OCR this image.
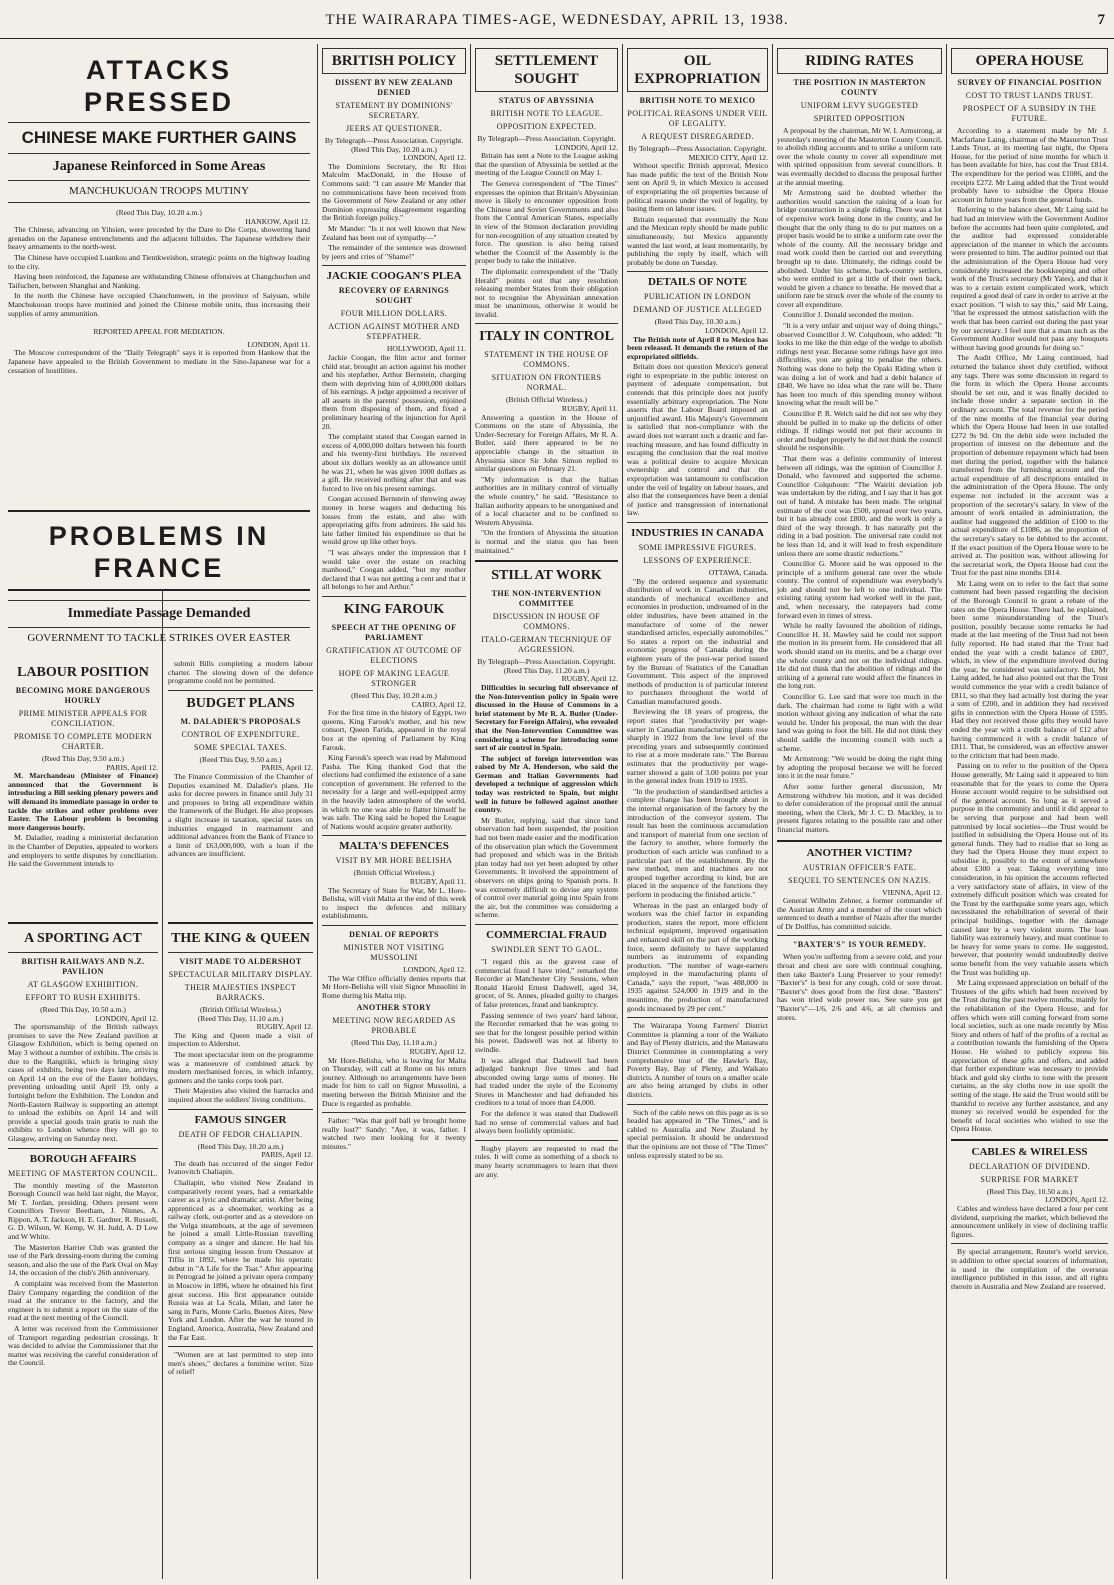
THE WAIRARAPA TIMES-AGE, WEDNESDAY, APRIL 13, 1938.	7
ATTACKS PRESSED
CHINESE MAKE FURTHER GAINS
Japanese Reinforced in Some Areas
MANCHUKUOAN TROOPS MUTINY
(Reed This Day, 10.20 a.m.)
HANKOW, April 12.

The Chinese, advancing on Yihsien, were preceded by the Dare to Die Corps, showering hand grenades on the Japanese entrenchments and the adjacent hillsides. The Japanese withdrew their heavy armaments to the north-west.

The Chinese have occupied Luankou and Tientkweishon, strategic points on the highway leading to the city.

Having been reinforced, the Japanese are withstanding Chinese offensives at Changchuchen and Taifuchen, between Shanghai and Nanking.

In the north the Chinese have occupied Chaochunwen, in the province of Saiyuan, while Manchukuoan troops have mutinied and joined the Chinese mobile units, thus increasing their supplies of army ammunition.

REPORTED APPEAL FOR MEDIATION.
LONDON, April 11.

The Moscow correspondent of the "Daily Telegraph" says it is reported from Hankow that the Japanese have appealed to the British Government to mediate in the Sino-Japanese war for a cessation of hostilities.

PROBLEMS IN FRANCE
Immediate Passage Demanded
GOVERNMENT TO TACKLE STRIKES OVER EASTER
LABOUR POSITION
BECOMING MORE DANGEROUS HOURLY
PRIME MINISTER APPEALS FOR CONCILIATION.
PROMISE TO COMPLETE MODERN CHARTER.
(Reed This Day, 9.50 a.m.)
PARIS, April 12.

M. Marchandeau (Minister of Finance) announced that the Government is introducing a Bill seeking plenary powers and will demand its immediate passage in order to tackle the strikes and other problems over Easter. The Labour problem is becoming more dangerous hourly.

M. Daladier, reading a ministerial declaration in the Chamber of Deputies, appealed to workers and employers to settle disputes by conciliation. He said the Government intends to

submit Bills completing a modern labour charter. The slowing down of the defence programme could not be permitted.

BUDGET PLANS
M. DALADIER'S PROPOSALS
CONTROL OF EXPENDITURE.
SOME SPECIAL TAXES.
(Reed This Day, 9.50 a.m.)
PARIS, April 12.

The Finance Commission of the Chamber of Deputies examined M. Daladier's plans. He asks for decree powers in finance until July 31 and proposes to bring all expenditure within the framework of the Budget. He also proposes a slight increase in taxation, special taxes on industries engaged in rearmament and additional advances from the Bank of France to a limit of £63,000,000, with a loan if the advances are insufficient.

A SPORTING ACT
BRITISH RAILWAYS AND N.Z. PAVILION
AT GLASGOW EXHIBITION.
EFFORT TO RUSH EXHIBITS.
(Reed This Day, 10.50 a.m.)
LONDON, April 12.

The sportsmanship of the British railways promises to save the New Zealand pavilion at Glasgow Exhibition, which is being opened on May 3 without a number of exhibits. The crisis is due to the Rangitiki, which is bringing sixty cases of exhibits, being two days late, arriving on April 14 on the eve of the Easter holidays, preventing unloading until April 19, only a fortnight before the Exhibition. The London and North-Eastern Railway is supporting an attempt to unload the exhibits on April 14 and will provide a special goods train gratis to rush the exhibits to London whence they will go to Glasgow, arriving on Saturday next.

BOROUGH AFFAIRS
MEETING OF MASTERTON COUNCIL.

The monthly meeting of the Masterton Borough Council was held last night, the Mayor, Mr T. Jordan, presiding. Others present were Councillors Trevor Beetham, J. Ninnes, A. Rippon, A. T. Jackson, H. E. Gardner, R. Russell, G. D. Wilson, W. Kemp, W. H. Judd, A. D Low and W White.

The Masterton Harrier Club was granted the use of the Park dressing-room during the coming season, and also the use of the Park Oval on May 14, the occasion of the club's 26th anniversary.

A complaint was received from the Masterton Dairy Company regarding the condition of the road at the entrance to the factory, and the engineer is to submit a report on the state of the road at the next meeting of the Council.

A letter was received from the Commissioner of Transport regarding pedestrian crossings. It was decided to advise the Commissioner that the matter was receiving the careful consideration of the Council.

THE KING & QUEEN
VISIT MADE TO ALDERSHOT
SPECTACULAR MILITARY DISPLAY.
THEIR MAJESTIES INSPECT BARRACKS.
(British Official Wireless.)
(Reed This Day, 11.10 a.m.)
RUGBY, April 12.

The King and Queen made a visit of inspection to Aldershot.

The most spectacular item on the programme was a manoeuvre of combined attack by modern mechanised forces, in which infantry, gunners and the tanks corps took part.

Their Majesties also visited the barracks and inquired about the soldiers' living conditions.

FAMOUS SINGER
DEATH OF FEDOR CHALIAPIN.
(Reed This Day, 10.20 a.m.)
PARIS, April 12.

The death has occurred of the singer Fedor Ivanovitch Chaliapin.

Chaliapin, who visited New Zealand in comparatively recent years, had a remarkable career as a lyric and dramatic artist. After being apprenticed as a shoemaker, working as a railway clerk, out-porter and as a stevedore on the Volga steamboats, at the age of seventeen he joined a small Little-Russian travelling company as a singer and dancer. He had his first serious singing lesson from Oussatov at Tiflis in 1892, where he made his operatic debut in "A Life for the Tsar." After appearing in Petrograd he joined a private opera company in Moscow in 1896, where he obtained his first great success. His first appearance outside Russia was at La Scala, Milan, and later he sang in Paris, Monte Carlo, Buenos Aires, New York and London. After the war he toured in England, America, Australia, New Zealand and the Far East.

"Women are at last permitted to step into men's shoes," declares a feminine writer. Size of relief!

BRITISH POLICY
DISSENT BY NEW ZEALAND DENIED
STATEMENT BY DOMINIONS' SECRETARY.
JEERS AT QUESTIONER.
By Telegraph—Press Association. Copyright.
(Reed This Day, 10.20 a.m.)
LONDON, April 12.

The Dominions Secretary, the Rt Hon Malcolm MacDonald, in the House of Commons said: "I can assure Mr Mander that no communications have been received from the Government of New Zealand or any other Dominion expressing disagreement regarding the British foreign policy."

Mr Mander: "Is it not well known that New Zealand has been out of sympathy—"

The remainder of the sentence was drowned by jeers and cries of "Shame!"

JACKIE COOGAN'S PLEA
RECOVERY OF EARNINGS SOUGHT
FOUR MILLION DOLLARS.
ACTION AGAINST MOTHER AND STEPFATHER.
HOLLYWOOD, April 11.

Jackie Coogan, the film actor and former child star, brought an action against his mother and his stepfather, Arthur Bernstein, charging them with depriving him of 4,000,000 dollars of his earnings. A judge appointed a receiver of all assets in the parents' possession, enjoined them from disposing of them, and fixed a preliminary hearing of the injunction for April 20.

The complaint stated that Coogan earned in excess of 4,000,000 dollars between his fourth and his twenty-first birthdays. He received about six dollars weekly as an allowance until he was 21, when he was given 1000 dollars as a gift. He received nothing after that and was forced to live on his present earnings.

Coogan accused Bernstein of throwing away money in horse wagers and deducting his losses from the estate, and also with appropriating gifts from admirers. He said his late father limited his expenditure so that he would grow up like other boys.

"I was always under the impression that I would take over the estate on reaching manhood," Coogan added, "but my mother declared that I was not getting a cent and that it all belongs to her and Arthur."

KING FAROUK
SPEECH AT THE OPENING OF PARLIAMENT
GRATIFICATION AT OUTCOME OF ELECTIONS
HOPE OF MAKING LEAGUE STRONGER
(Reed This Day, 10.20 a.m.)
CAIRO, April 12.

For the first time in the history of Egypt, two queens, King Farouk's mother, and his new consort, Queen Farida, appeared in the royal box at the opening of Parliament by King Farouk.

King Farouk's speech was read by Mahmoud Pasha. The King thanked God that the elections had confirmed the existence of a sane conception of government. He referred to the necessity for a large and well-equipped army in the heavily laden atmosphere of the world, in which no one was able to flatter himself he was safe. The King said he hoped the League of Nations would acquire greater authority.

MALTA'S DEFENCES
VISIT BY MR HORE BELISHA
(British Official Wireless.)
RUGBY, April 11.

The Secretary of State for War, Mr L. Hore-Belisha, will visit Malta at the end of this week to inspect the defences and military establishments.

DENIAL OF REPORTS
MINISTER NOT VISITING MUSSOLINI
LONDON, April 12.

The War Office officially denies reports that Mr Hore-Belisha will visit Signor Mussolini in Rome during his Malta trip.

ANOTHER STORY
MEETING NOW REGARDED AS PROBABLE
(Reed This Day, 11.10 a.m.)
RUGBY, April 12.

Mr Hore-Belisha, who is leaving for Malta on Thursday, will call at Rome on his return journey. Although no arrangements have been made for him to call on Signor Mussolini, a meeting between the British Minister and the Duce is regarded as probable.

Father: "Was that golf ball ye brought home really lost?" Sandy: "Aye, it was, father. I watched two men looking for it twenty minutes."

SETTLEMENT SOUGHT
STATUS OF ABYSSINIA
BRITISH NOTE TO LEAGUE.
OPPOSITION EXPECTED.
By Telegraph—Press Association. Copyright.
LONDON, April 12.

Britain has sent a Note to the League asking that the question of Abyssinia be settled at the meeting of the League Council on May 1.

The Geneva correspondent of "The Times" expresses the opinion that Britain's Abyssinian move is likely to encounter opposition from the Chinese and Soviet Governments and also from the Central American States, especially in view of the Stimson declaration providing for non-recognition of any situation created by force. The question is also being raised whether the Council of the Assembly is the proper body to take the initiative.

The diplomatic correspondent of the "Daily Herald" points out that any resolution releasing member States from their obligation not to recognise the Abyssinian annexation must be unanimous, otherwise it would be invalid.

ITALY IN CONTROL
STATEMENT IN THE HOUSE OF COMMONS.
SITUATION ON FRONTIERS NORMAL.
(British Official Wireless.)
RUGBY, April 11.

Answering a question in the House of Commons on the state of Abyssinia, the Under-Secretary for Foreign Affairs, Mr R. A. Butler, said there appeared to be no appreciable change in the situation in Abyssinia since Sir John Simon replied to similar questions on February 21.

"My information is that the Italian authorities are in military control of virtually the whole country," he said. "Resistance to Italian authority appears to be unorganised and of a local character and to be confined to Western Abyssinia.

"On the frontiers of Abyssinia the situation is normal and the status quo has been maintained."

STILL AT WORK
THE NON-INTERVENTION COMMITTEE
DISCUSSION IN HOUSE OF COMMONS.
ITALO-GERMAN TECHNIQUE OF AGGRESSION.
By Telegraph—Press Association. Copyright.
(Reed This Day, 11.20 a.m.)
RUGBY, April 12.

Difficulties in securing full observance of the Non-Intervention policy in Spain were discussed in the House of Commons in a brief statement by Mr R. A. Butler (Under-Secretary for Foreign Affairs), who revealed that the Non-Intervention Committee was considering a scheme for introducing some sort of air control in Spain.

The subject of foreign intervention was raised by Mr A. Henderson, who said the German and Italian Governments had developed a technique of aggression which today was restricted to Spain, but might well in future be followed against another country.

Mr Butler, replying, said that since land observation had been suspended, the position had not been made easier and the modification of the observation plan which the Government had proposed and which was in the British plan today had not yet been adopted by other Governments. It involved the appointment of observers on ships going to Spanish ports. It was extremely difficult to devise any system of control over material going into Spain from the air, but the committee was considering a scheme.

COMMERCIAL FRAUD
SWINDLER SENT TO GAOL.

"I regard this as the gravest case of commercial fraud I have tried," remarked the Recorder at Manchester City Sessions, when Ronald Harold Ernest Dadswell, aged 34, grocer, of St. Annes, pleaded guilty to charges of false pretences, fraud and bankruptcy.

Passing sentence of two years' hard labour, the Recorder remarked that he was going to see that for the longest possible period within his power, Dadswell was not at liberty to swindle.

It was alleged that Dadswell had been adjudged bankrupt five times and had absconded owing large sums of money. He had traded under the style of the Economy Stores in Manchester and had defrauded his creditors to a total of more than £4,000.

For the defence it was stated that Dadswell had no sense of commercial values and had always been foolishly optimistic.

Rugby players are requested to read the rules. It will come as something of a shock to many hearty scrummagers to learn that there are any.

OIL EXPROPRIATION
BRITISH NOTE TO MEXICO
POLITICAL REASONS UNDER VEIL OF LEGALITY.
A REQUEST DISREGARDED.
By Telegraph—Press Association. Copyright.
MEXICO CITY, April 12.

Without specific British approval, Mexico has made public the text of the British Note sent on April 9, in which Mexico is accused of expropriating the oil properties because of political reasons under the veil of legality, by basing them on labour issues.

Britain requested that eventually the Note and the Mexican reply should be made public simultaneously, but Mexico apparently wanted the last word, at least momentarily, by publishing the reply by itself, which will probably be done on Tuesday.

DETAILS OF NOTE
PUBLICATION IN LONDON
DEMAND OF JUSTICE ALLEGED
(Reed This Day, 10.30 a.m.)
LONDON, April 12.

The British note of April 8 to Mexico has been released. It demands the return of the expropriated oilfields.

Britain does not question Mexico's general right to expropriate in the public interest on payment of adequate compensation, but contends that this principle does not justify essentially arbitrary expropriation. The Note asserts that the Labour Board imposed an unjustified award. His Majesty's Government is satisfied that non-compliance with the award does not warrant such a drastic and far-reaching measure, and has found difficulty in escaping the conclusion that the real motive was a political desire to acquire Mexican ownership and control and that the expropriation was tantamount to confiscation under the veil of legality on labour issues, and also that the consequences have been a denial of justice and transgression of international law.

INDUSTRIES IN CANADA
SOME IMPRESSIVE FIGURES.
LESSONS OF EXPERIENCE.
OTTAWA, Canada.

"By the ordered sequence and systematic distribution of work in Canadian industries, standards of mechanical excellence and economies in production, undreamed of in the older industries, have been attained in the manufacture of some of the newer standardised articles, especially automobiles." So states a report on the industrial and economic progress of Canada during the eighteen years of the post-war period issued by the Bureau of Statistics of the Canadian Government. This aspect of the improved methods of production is of particular interest to purchasers throughout the world of Canadian manufactured goods.

Reviewing the 18 years of progress, the report states that "productivity per wage-earner in Canadian manufacturing plants rose sharply in 1922 from the low level of the preceding years and subsequently continued to rise at a more moderate rate." The Bureau estimates that the productivity per wage-earner showed a gain of 3.00 points per year in the general index from 1919 to 1935.

"In the production of standardised articles a complete change has been brought about in the internal organisation of the factory by the introduction of the conveyor system. The result has been the continuous accumulation and transport of material from one section of the factory to another, where formerly the production of each article was confined to a particular part of the establishment. By the new method, men and machines are not grouped together according to kind, but are placed in the sequence of the functions they perform in producing the finished article."

Whereas in the past an enlarged body of workers was the chief factor in expanding production, states the report, more efficient technical equipment, improved organisation and enhanced skill on the part of the working force, seem definitely to have supplanted numbers as instruments of expanding production. "The number of wage-earners employed in the manufacturing plants of Canada," says the report, "was 488,000 in 1935 against 524,000 in 1919 and in the meantime, the production of manufactured goods increased by 29 per cent."

The Wairarapa Young Farmers' District Committee is planning a tour of the Waikato and Bay of Plenty districts, and the Manawatu District Committee in contemplating a very comprehensive tour of the Hawke's Bay, Poverty Bay, Bay of Plenty, and Waikato districts. A number of tours on a smaller scale are also being arranged by clubs in other districts.

Such of the cable news on this page as is so headed has appeared in "The Times," and is cabled to Australia and New Zealand by special permission. It should be understood that the opinions are not those of "The Times" unless expressly stated to be so.

RIDING RATES
THE POSITION IN MASTERTON COUNTY
UNIFORM LEVY SUGGESTED
SPIRITED OPPOSITION

A proposal by the chairman, Mr W. I. Armstrong, at yesterday's meeting of the Masterton County Council, to abolish riding accounts and to strike a uniform rate over the whole county to cover all expenditure met with spirited opposition from several councillors. It was eventually decided to discuss the proposal further at the annual meeting.

Mr Armstrong said he doubted whether the authorities would sanction the raising of a loan for bridge construction in a single riding. There was a lot of expensive work being done in the county, and he thought that the only thing to do to put matters on a proper basis would be to strike a uniform rate over the whole of the county. All the necessary bridge and road work could then be carried out and everything brought up to date. Ultimately, the ridings could be abolished. Under his scheme, back-country settlers, who were entitled to get a little of their own back, would be given a chance to breathe. He moved that a uniform rate be struck over the whole of the county to cover all expenditure.

Councillor J. Donald seconded the motion.

"It is a very unfair and unjust way of doing things," observed Councillor J. W. Colquhoun, who added: "It looks to me like the thin edge of the wedge to abolish ridings next year. Because some ridings have got into difficulties, you are going to penalise the others. Nothing was done to help the Opaki Riding when it was doing a lot of work and had a debit balance of £840. We have no idea what the rate will be. There has been too much of this spending money without knowing what the result will be."

Councillor P. R. Welch said he did not see why they should be pulled in to make up the deficits of other ridings. If ridings would not put their accounts in order and budget properly he did not think the council should be responsible.

That there was a definite community of interest between all ridings, was the opinion of Councillor J. Donald, who favoured and supported the scheme. Councillor Colquhoun: "The Wairiti deviation job was undertaken by the riding, and I say that it has got out of hand. A mistake has been made. The original estimate of the cost was £500, spread over two years, but it has already cost £800, and the work is only a third of the way through. It has naturally put the riding in a bad position. The universal rate could not be less than 1d, and it will lead to fresh expenditure unless there are some drastic reductions."

Councillor G. Moore said he was opposed to the principle of a uniform general rate over the whole county. The control of expenditure was everybody's job and should not be left to one individual. The existing rating system had worked well in the past, and, when necessary, the ratepayers had come forward even in times of stress.

While he really favoured the abolition of ridings, Councillor H. H. Mawley said he could not support the motion in its present form. He considered that all work should stand on its merits, and be a charge over the whole county and not on the individual ridings. He did not think that the abolition of ridings and the striking of a general rate would affect the finances in the long run.

Councillor G. Lee said that were too much in the dark. The chairman had come to light with a wild motion without giving any indication of what the rate would be. Under his proposal, the man with the dear land was going to foot the bill. He did not think they should saddle the incoming council with such a scheme.

Mr Armstrong: "We would be doing the right thing by adopting the proposal because we will be forced into it in the near future."

After some further general discussion, Mr Armstrong withdrew his motion, and it was decided to defer consideration of the proposal until the annual meeting, when the Clerk, Mr J. C. D. Mackley, is to present figures relating to the possible rate and other financial matters.

ANOTHER VICTIM?
AUSTRIAN OFFICER'S FATE.
SEQUEL TO SENTENCES ON NAZIS.
VIENNA, April 12.

General Wilhelm Zehner, a former commander of the Austrian Army and a member of the court which sentenced to death a number of Nazis after the murder of Dr Dollfus, has committed suicide.

"BAXTER'S" IS YOUR REMEDY.

When you're suffering from a severe cold, and your throat and chest are sore with continual coughing, then take Baxter's Lung Preserver to your remedy! "Baxter's" is best for any cough, cold or sore throat. "Baxter's" does good from the first dose. "Baxters" has won tried wide power too. See sure you get "Baxter's"—1/6, 2/6 and 4/6, at all chemists and stores.

OPERA HOUSE
SURVEY OF FINANCIAL POSITION
COST TO TRUST LANDS TRUST.
PROSPECT OF A SUBSIDY IN THE FUTURE.

According to a statement made by Mr J. Macfarlane Laing, chairman of the Masterton Trust Lands Trust, at its meeting last night, the Opera House, for the period of nine months for which it has been available for hire, has cost the Trust £814. The expenditure for the period was £1086, and the receipts £272. Mr Laing added that the Trust would probably have to subsidise the Opera House account in future years from the general funds.

Referring to the balance sheet, Mr Laing said he had had an interview with the Government Auditor before the accounts had been quite completed, and the auditor had expressed considerable appreciation of the manner in which the accounts were presented to him. The auditor pointed out that the administration of the Opera House had very considerably increased the bookkeeping and other work of the Trust's secretary (Mr Yates), and that it was to a certain extent complicated work, which required a good deal of care in order to arrive at the exact position. "I wish to say this," said Mr Laing, "that he expressed the utmost satisfaction with the work that has been carried out during the past year by our secretary. I feel sure that a man such as the Government Auditor would not pass any bouquets without having good grounds for doing so."

The Audit Office, Mr Laing continued, had returned the balance sheet duly certified, without any tags. There was some discussion in regard to the form in which the Opera House accounts should be set out, and it was finally decided to include those under a separate section in the ordinary account. The total revenue for the period of the nine months of the financial year during which the Opera House had been in use totalled £272 9s 9d. On the debit side were included the proportion of interest on the debenture and the proportion of debenture repayment which had been met during the period, together with the balance transferred from the furnishing account and the actual expenditure of all descriptions entailed in the administration of the Opera House. The only expense not included in the account was a proportion of the secretary's salary. In view of the amount of work entailed in administration, the auditor had suggested the addition of £100 to the actual expenditure of £1086, as the proportion of the secretary's salary to be debited to the account. If the exact position of the Opera House were to be arrived at. The position was, without allowing for the secretarial work, the Opera House had cost the Trust for the past nine months £814.

Mr Laing went on to refer to the fact that some comment had been passed regarding the decision of the Borough Council to grant a rebate of the rates on the Opera House. There had, he explained, been some misunderstanding of the Trust's position, possibly because some remarks he had made at the last meeting of the Trust had not been fully reported. He had stated that the Trust had ended the year with a credit balance of £807, which, in view of the expenditure involved during the year, he considered was satisfactory. But, Mr Laing added, he had also pointed out that the Trust would commence the year with a credit balance of £811, so that they had actually lost during the year a sum of £200, and in addition they had received gifts in connection with the Opera House of £595. Had they not received those gifts they would have ended the year with a credit balance of £12 after having commenced it with a credit balance of £811. That, he considered, was an effective answer to the criticism that had been made.

Passing on to refer to the position of the Opera House generally, Mr Laing said it appeared to him reasonable that for the years to come the Opera House account would require to be subsidised out of the general account. So long as it served a purpose in the community and until it did appear to be serving that purpose and had been well patronised by local societies—the Trust would be justified in subsidising the Opera House out of its general funds. They had to realise that so long as they had the Opera House they must expect to subsidise it, possibly to the extent of somewhere about £300 a year. Taking everything into consideration, in his opinion the accounts reflected a very satisfactory state of affairs, in view of the extremely difficult position which was created for the Trust by the earthquake some years ago, which necessitated the rehabilitation of several of their principal buildings, together with the damage caused later by a very violent storm. The loan liability was extremely heavy, and must continue to be heavy for some years to come. He suggested, however, that posterity would undoubtedly derive some benefit from the very valuable assets which the Trust was building up.

Mr Laing expressed appreciation on behalf of the Trustees of the gifts which had been received by the Trust during the past twelve months, mainly for the rehabilitation of the Opera House, and for offers which were still coming forward from some local societies, such as one made recently by Miss Story and others of half of the profits of a recital as a contribution towards the furnishing of the Opera House. He wished to publicly express his appreciation of these gifts and offers, and added that further expenditure was necessary to provide black and gold sky cloths to tone with the present curtains, as the sky cloths now in use spoilt the setting of the stage. He said the Trust would still be thankful to receive any further assistance, and any money so received would be expended for the benefit of local societies who wished to use the Opera House.

CABLES & WIRELESS
DECLARATION OF DIVIDEND.
SURPRISE FOR MARKET
(Reed This Day, 10.50 a.m.)
LONDON, April 12.

Cables and wireless have declared a four per cent dividend, surprising the market, which believed the announcement unlikely in view of declining traffic figures.

By special arrangement, Reuter's world service, in addition to other special sources of information, is used in the compilation of the overseas intelligence published in this issue, and all rights therein in Australia and New Zealand are reserved.
